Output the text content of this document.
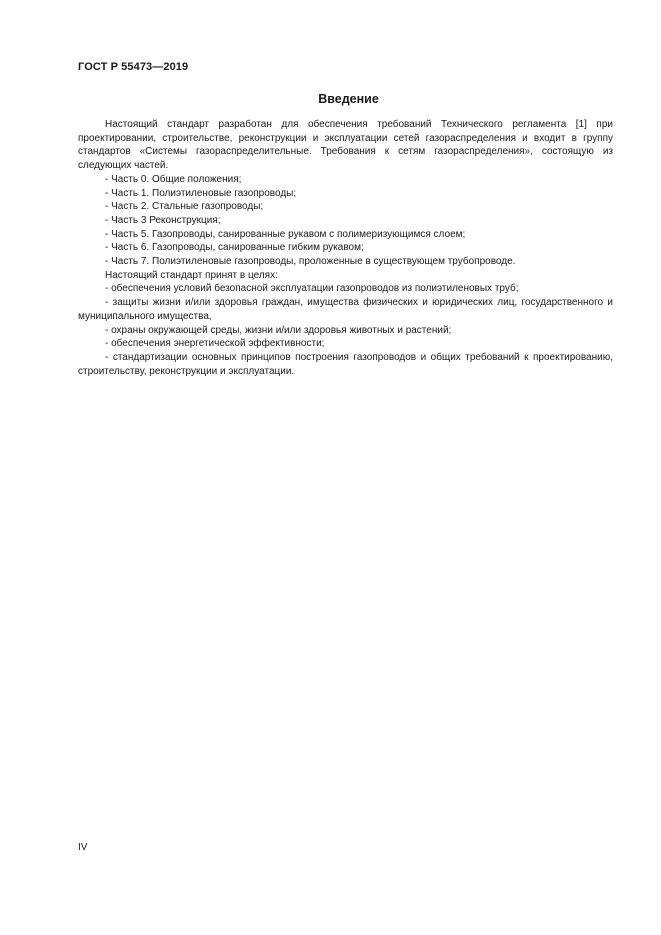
ГОСТ Р 55473—2019
Введение

Настоящий стандарт разработан для обеспечения требований Технического регламента [1] при проектировании, строительстве, реконструкции и эксплуатации сетей газораспределения и входит в группу стандартов «Системы газораспределительные. Требования к сетям газораспределения», состоящую из следующих частей.

- Часть 0. Общие положения;

- Часть 1. Полиэтиленовые газопроводы;

- Часть 2. Стальные газопроводы;

- Часть 3 Реконструкция;

- Часть 5. Газопроводы, санированные рукавом с полимеризующимся слоем;

- Часть 6. Газопроводы, санированные гибким рукавом;

- Часть 7. Полиэтиленовые газопроводы, проложенные в существующем трубопроводе.

Настоящий стандарт принят в целях:

- обеспечения условий безопасной эксплуатации газопроводов из полиэтиленовых труб;

- защиты жизни и/или здоровья граждан, имущества физических и юридических лиц, государственного и муниципального имущества,

- охраны окружающей среды, жизни и/или здоровья животных и растений;

- обеспечения энергетической эффективности;

- стандартизации основных принципов построения газопроводов и общих требований к проектированию, строительству, реконструкции и эксплуатации.

IV
